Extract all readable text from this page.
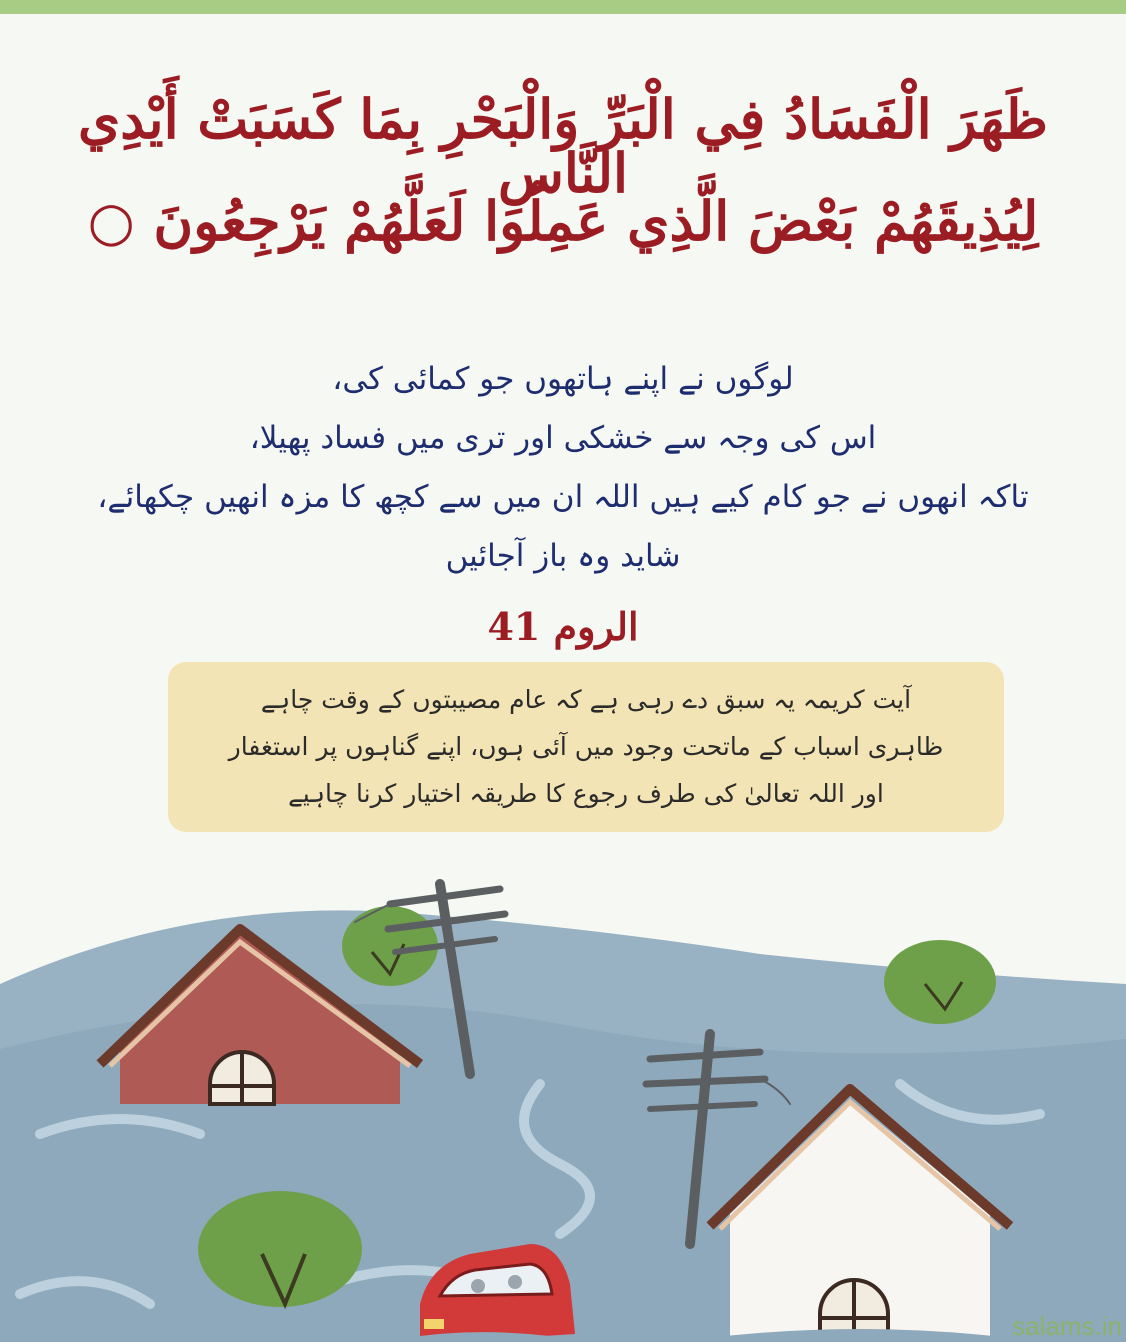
ظَهَرَ الْفَسَادُ فِي الْبَرِّ وَالْبَحْرِ بِمَا كَسَبَتْ أَيْدِي النَّاسِ
لِيُذِيقَهُمْ بَعْضَ الَّذِي عَمِلُوا لَعَلَّهُمْ يَرْجِعُونَ ○
لوگوں نے اپنے ہاتھوں جو کمائی کی،
اس کی وجہ سے خشکی اور تری میں فساد پھیلا،
تاکہ انھوں نے جو کام کیے ہیں اللہ ان میں سے کچھ کا مزہ انھیں چکھائے،
شاید وہ باز آجائیں
الروم 41
آیت کریمہ یہ سبق دے رہی ہے کہ عام مصیبتوں کے وقت چاہے
ظاہری اسباب کے ماتحت وجود میں آئی ہوں، اپنے گناہوں پر استغفار
اور اللہ تعالیٰ کی طرف رجوع کا طریقہ اختیار کرنا چاہیے
salams.in
